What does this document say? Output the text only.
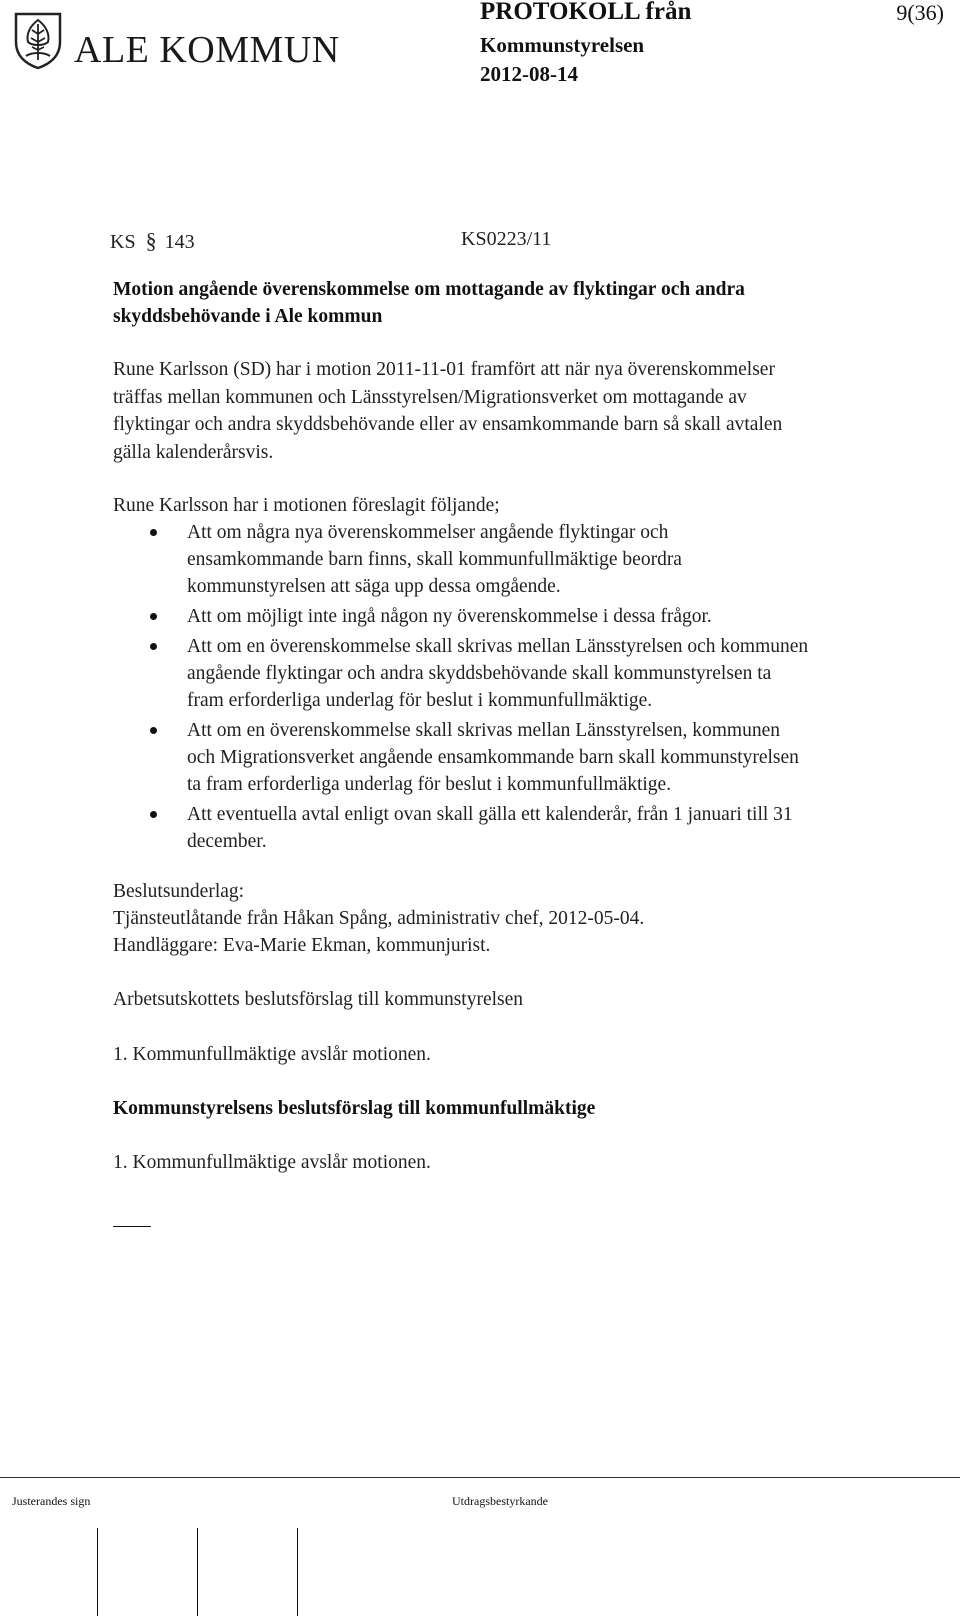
ALE KOMMUN
PROTOKOLL från
Kommunstyrelsen
2012-08-14
9(36)
KS § 143	KS0223/11
Motion angående överenskommelse om mottagande av flyktingar och andra
skyddsbehövande i Ale kommun
Rune Karlsson (SD) har i motion 2011-11-01 framfört att när nya överenskommelser
träffas mellan kommunen och Länsstyrelsen/Migrationsverket om mottagande av
flyktingar och andra skyddsbehövande eller av ensamkommande barn så skall avtalen
gälla kalenderårsvis.
Rune Karlsson har i motionen föreslagit följande;
Att om några nya överenskommelser angående flyktingar och
ensamkommande barn finns, skall kommunfullmäktige beordra
kommunstyrelsen att säga upp dessa omgående.
Att om möjligt inte ingå någon ny överenskommelse i dessa frågor.
Att om en överenskommelse skall skrivas mellan Länsstyrelsen och kommunen
angående flyktingar och andra skyddsbehövande skall kommunstyrelsen ta
fram erforderliga underlag för beslut i kommunfullmäktige.
Att om en överenskommelse skall skrivas mellan Länsstyrelsen, kommunen
och Migrationsverket angående ensamkommande barn skall kommunstyrelsen
ta fram erforderliga underlag för beslut i kommunfullmäktige.
Att eventuella avtal enligt ovan skall gälla ett kalenderår, från 1 januari till 31
december.
Beslutsunderlag:
Tjänsteutlåtande från Håkan Spång, administrativ chef, 2012-05-04.
Handläggare: Eva-Marie Ekman, kommunjurist.
Arbetsutskottets beslutsförslag till kommunstyrelsen
1. Kommunfullmäktige avslår motionen.
Kommunstyrelsens beslutsförslag till kommunfullmäktige
1. Kommunfullmäktige avslår motionen.
Justerandes sign	Utdragsbestyrkande
